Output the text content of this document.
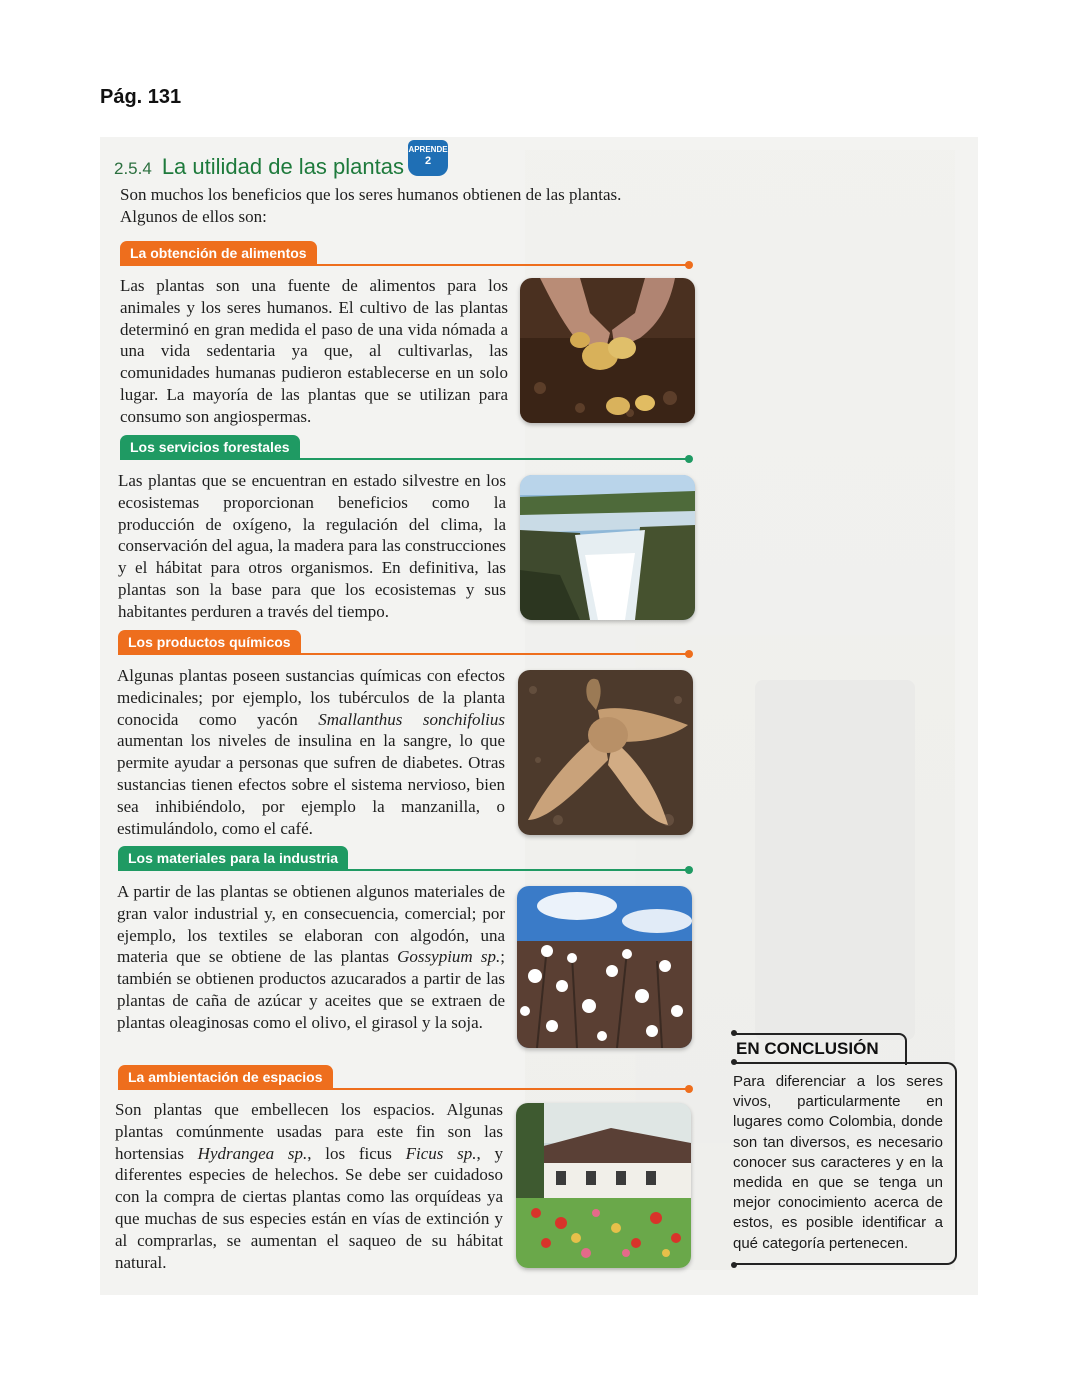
Pág. 131
2.5.4 La utilidad de las plantas
APRENDE
2
Son muchos los beneficios que los seres humanos obtienen de las plantas. Algunos de ellos son:
La obtención de alimentos
Las plantas son una fuente de alimentos para los animales y los seres humanos. El cultivo de las plantas determinó en gran medida el paso de una vida nómada a una vida sedentaria ya que, al cultivarlas, las comunidades humanas pudieron establecerse en un solo lugar. La mayoría de las plantas que se utilizan para consumo son angiospermas.
Los servicios forestales
Las plantas que se encuentran en estado silvestre en los ecosistemas proporcionan beneficios como la producción de oxígeno, la regulación del clima, la conservación del agua, la madera para las construcciones y el hábitat para otros organismos. En definitiva, las plantas son la base para que los ecosistemas y sus habitantes perduren a través del tiempo.
Los productos químicos
Algunas plantas poseen sustancias químicas con efectos medicinales; por ejemplo, los tubérculos de la planta conocida como yacón Smallanthus sonchifolius aumentan los niveles de insulina en la sangre, lo que permite ayudar a personas que sufren de diabetes. Otras sustancias tienen efectos sobre el sistema nervioso, bien sea inhibiéndolo, por ejemplo la manzanilla, o estimulándolo, como el café.
Los materiales para la industria
A partir de las plantas se obtienen algunos materiales de gran valor industrial y, en consecuencia, comercial; por ejemplo, los textiles se elaboran con algodón, una materia que se obtiene de las plantas Gossypium sp.; también se obtienen productos azucarados a partir de las plantas de caña de azúcar y aceites que se extraen de plantas oleaginosas como el olivo, el girasol y la soja.
La ambientación de espacios
Son plantas que embellecen los espacios. Algunas plantas comúnmente usadas para este fin son las hortensias Hydrangea sp., los ficus Ficus sp., y diferentes especies de helechos. Se debe ser cuidadoso con la compra de ciertas plantas como las orquídeas ya que muchas de sus especies están en vías de extinción y al comprarlas, se aumentan el saqueo de su hábitat natural.
EN CONCLUSIÓN
Para diferenciar a los seres vivos, particularmente en lugares como Colombia, donde son tan diversos, es necesario conocer sus caracteres y en la medida en que se tenga un mejor conocimiento acerca de estos, es posible identificar a qué categoría pertenecen.
